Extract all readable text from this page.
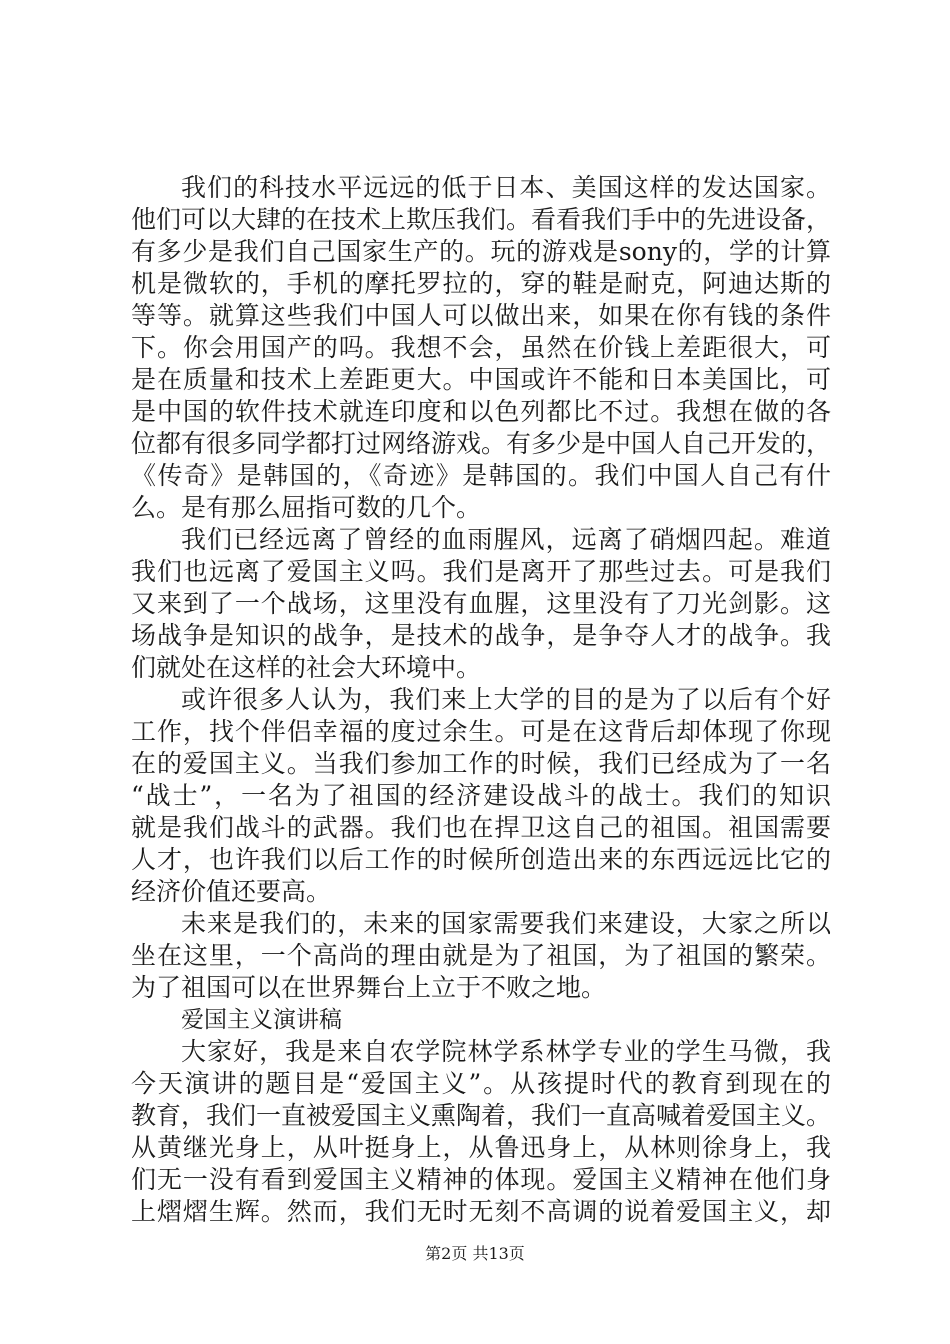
我们的科技水平远远的低于日本、美国这样的发达国家。
他们可以大肆的在技术上欺压我们。看看我们手中的先进设备，
有多少是我们自己国家生产的。玩的游戏是sony的，学的计算
机是微软的，手机的摩托罗拉的，穿的鞋是耐克，阿迪达斯的
等等。就算这些我们中国人可以做出来，如果在你有钱的条件
下。你会用国产的吗。我想不会，虽然在价钱上差距很大，可
是在质量和技术上差距更大。中国或许不能和日本美国比，可
是中国的软件技术就连印度和以色列都比不过。我想在做的各
位都有很多同学都打过网络游戏。有多少是中国人自己开发的，
《传奇》是韩国的，《奇迹》是韩国的。我们中国人自己有什
么。是有那么屈指可数的几个。
我们已经远离了曾经的血雨腥风，远离了硝烟四起。难道
我们也远离了爱国主义吗。我们是离开了那些过去。可是我们
又来到了一个战场，这里没有血腥，这里没有了刀光剑影。这
场战争是知识的战争，是技术的战争，是争夺人才的战争。我
们就处在这样的社会大环境中。
或许很多人认为，我们来上大学的目的是为了以后有个好
工作，找个伴侣幸福的度过余生。可是在这背后却体现了你现
在的爱国主义。当我们参加工作的时候，我们已经成为了一名
“战士”，一名为了祖国的经济建设战斗的战士。我们的知识
就是我们战斗的武器。我们也在捍卫这自己的祖国。祖国需要
人才，也许我们以后工作的时候所创造出来的东西远远比它的
经济价值还要高。
未来是我们的，未来的国家需要我们来建设，大家之所以
坐在这里，一个高尚的理由就是为了祖国，为了祖国的繁荣。
为了祖国可以在世界舞台上立于不败之地。
爱国主义演讲稿
大家好，我是来自农学院林学系林学专业的学生马微，我
今天演讲的题目是“爱国主义”。从孩提时代的教育到现在的
教育，我们一直被爱国主义熏陶着，我们一直高喊着爱国主义。
从黄继光身上，从叶挺身上，从鲁迅身上，从林则徐身上，我
们无一没有看到爱国主义精神的体现。爱国主义精神在他们身
上熠熠生辉。然而，我们无时无刻不高调的说着爱国主义，却
第2页 共13页
